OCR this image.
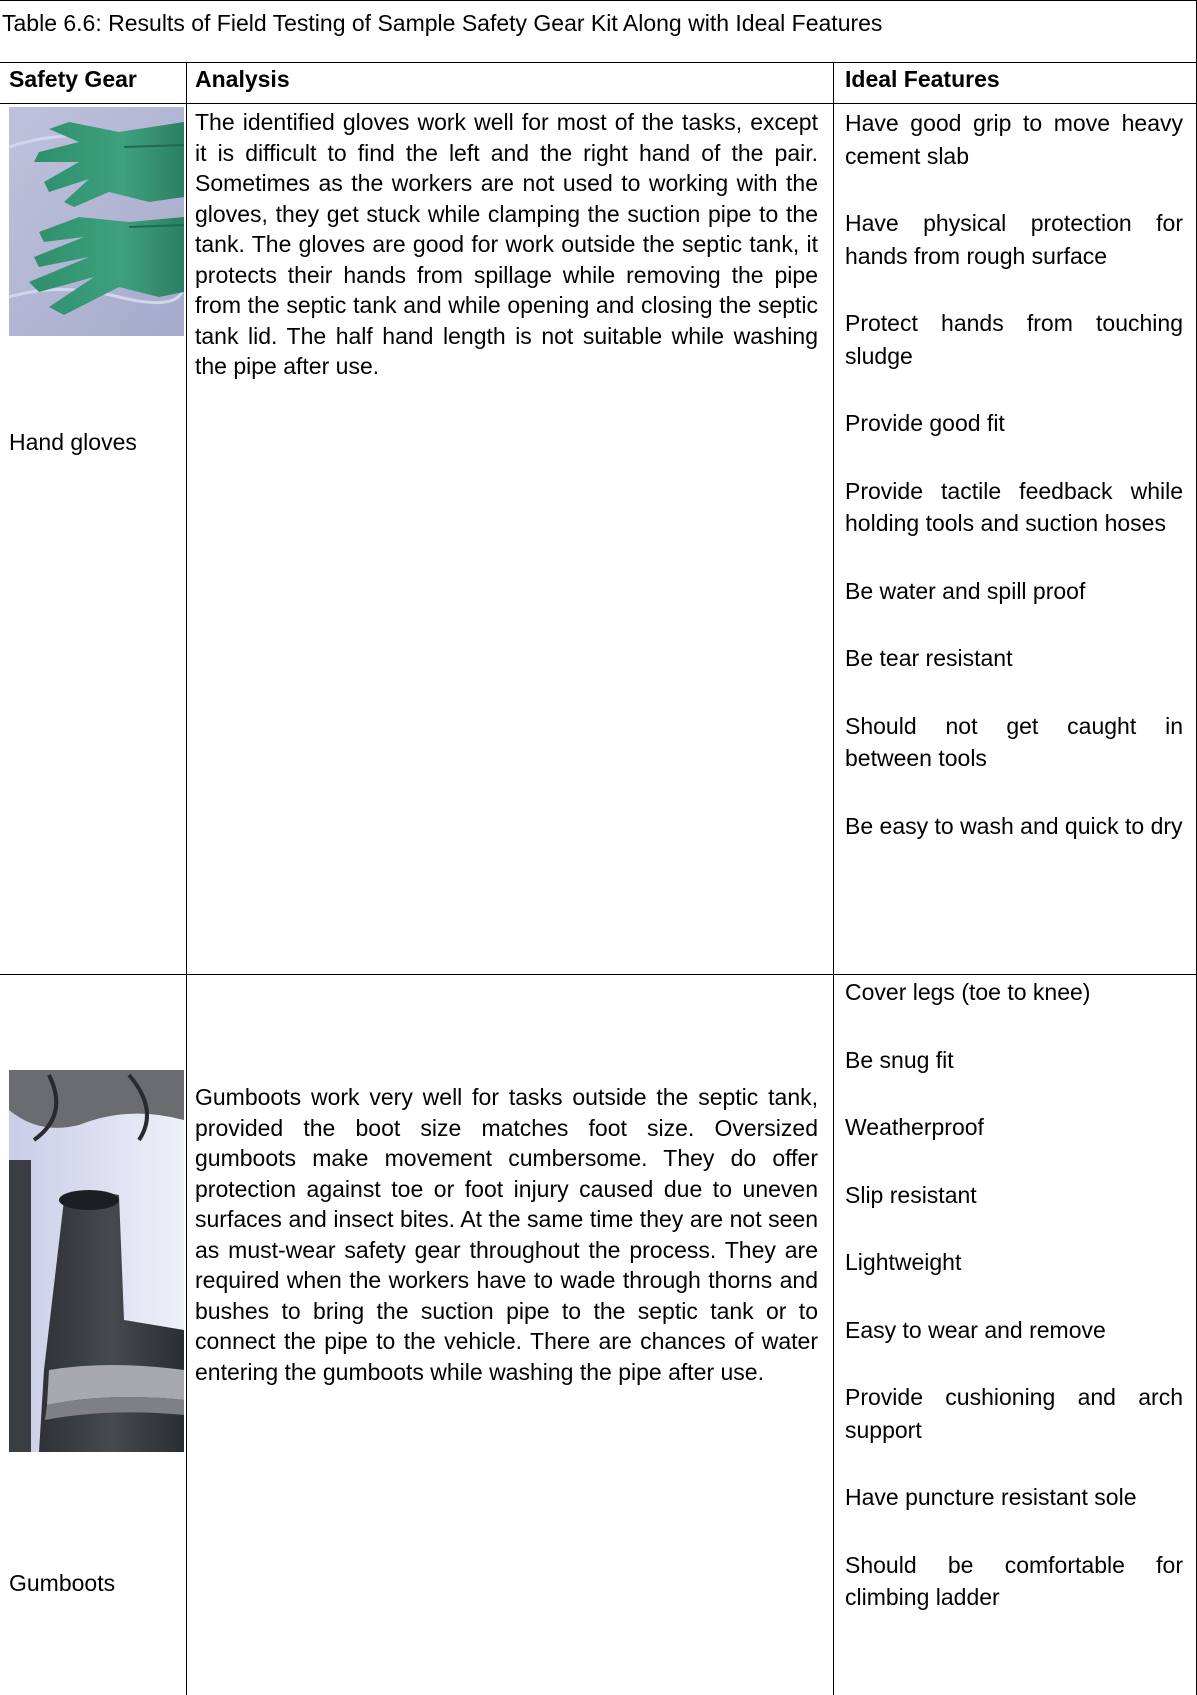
Table 6.6: Results of Field Testing of Sample Safety Gear Kit Along with Ideal Features
Safety Gear	Analysis	Ideal Features
Hand gloves
The identified gloves work well for most of the tasks, except it is difficult to find the left and the right hand of the pair. Sometimes as the workers are not used to working with the gloves, they get stuck while clamping the suction pipe to the tank. The gloves are good for work outside the septic tank, it protects their hands from spillage while removing the pipe from the septic tank and while opening and closing the septic tank lid. The half hand length is not suitable while washing the pipe after use.
Have good grip to move heavy cement slab
Have physical protection for hands from rough surface
Protect hands from touching sludge
Provide good fit
Provide tactile feedback while holding tools and suction hoses
Be water and spill proof
Be tear resistant
Should not get caught in between tools
Be easy to wash and quick to dry
Gumboots
Gumboots work very well for tasks outside the septic tank, provided the boot size matches foot size. Oversized gumboots make movement cumbersome. They do offer protection against toe or foot injury caused due to uneven surfaces and insect bites. At the same time they are not seen as must-wear safety gear throughout the process. They are required when the workers have to wade through thorns and bushes to bring the suction pipe to the septic tank or to connect the pipe to the vehicle. There are chances of water entering the gumboots while washing the pipe after use.
Cover legs (toe to knee)
Be snug fit
Weatherproof
Slip resistant
Lightweight
Easy to wear and remove
Provide cushioning and arch support
Have puncture resistant sole
Should be comfortable for climbing ladder
